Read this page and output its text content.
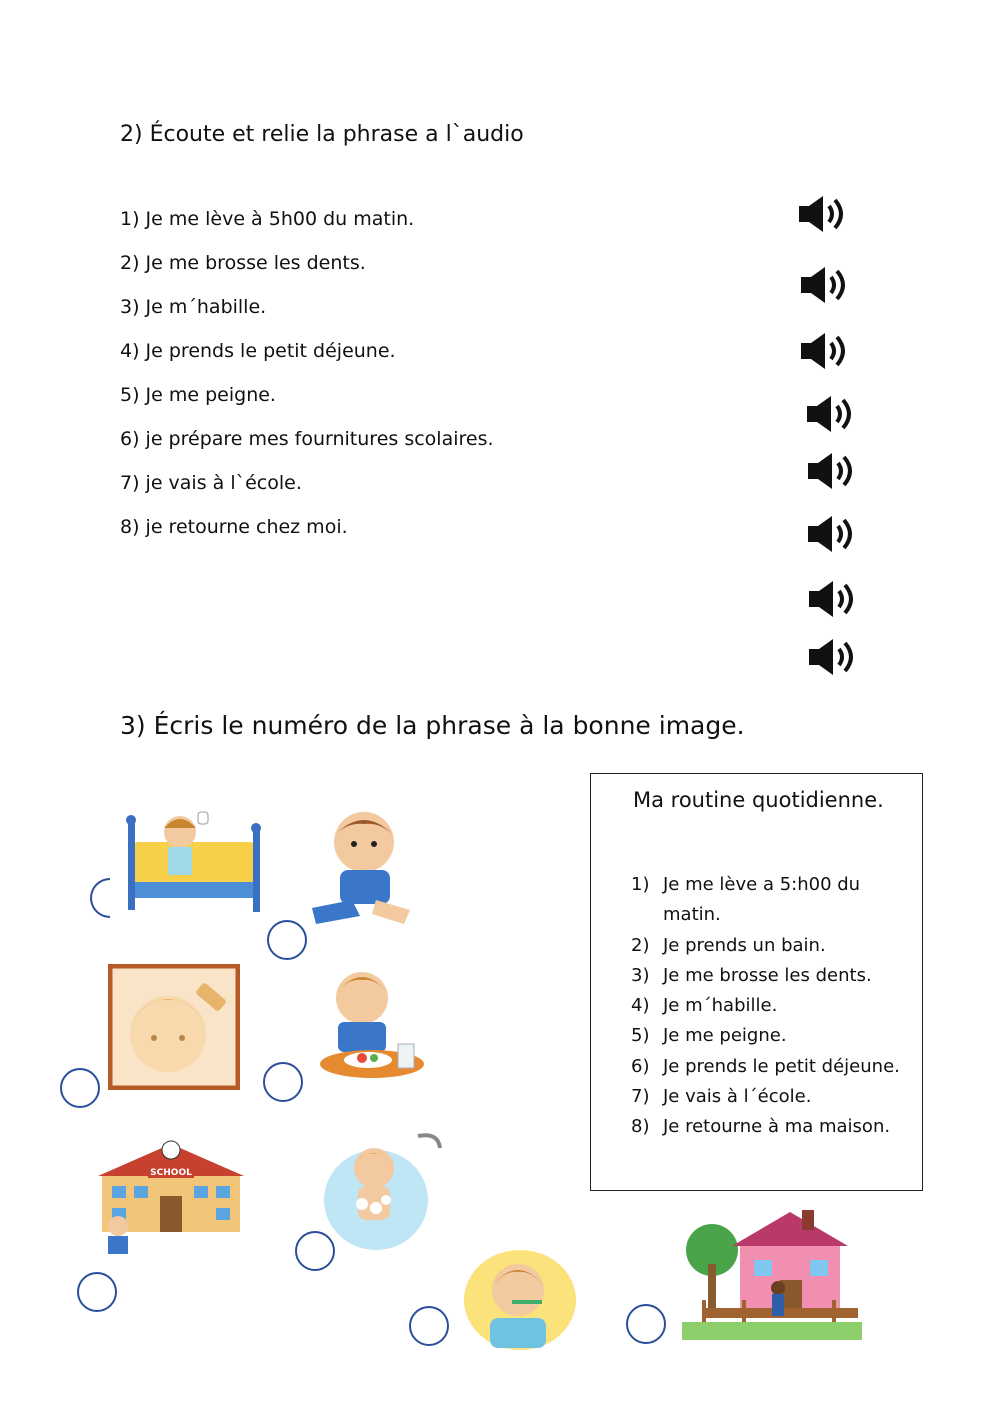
2) Écoute et relie la phrase a l`audio
1) Je me lève à 5h00 du matin.
2) Je me brosse les dents.
3) Je m´habille.
4) Je prends le petit déjeune.
5) Je me peigne.
6) je prépare mes fournitures scolaires.
7) je vais à l`école.
8) je retourne chez moi.
3) Écris le numéro de la phrase à la bonne image.
Ma routine quotidienne.
1) Je me lève a 5:h00 du matin.
2) Je prends un bain.
3) Je me brosse les dents.
4) Je m´habille.
5) Je me peigne.
6) Je prends le petit déjeune.
7) Je vais à l´école.
8) Je retourne à ma maison.
SCHOOL
